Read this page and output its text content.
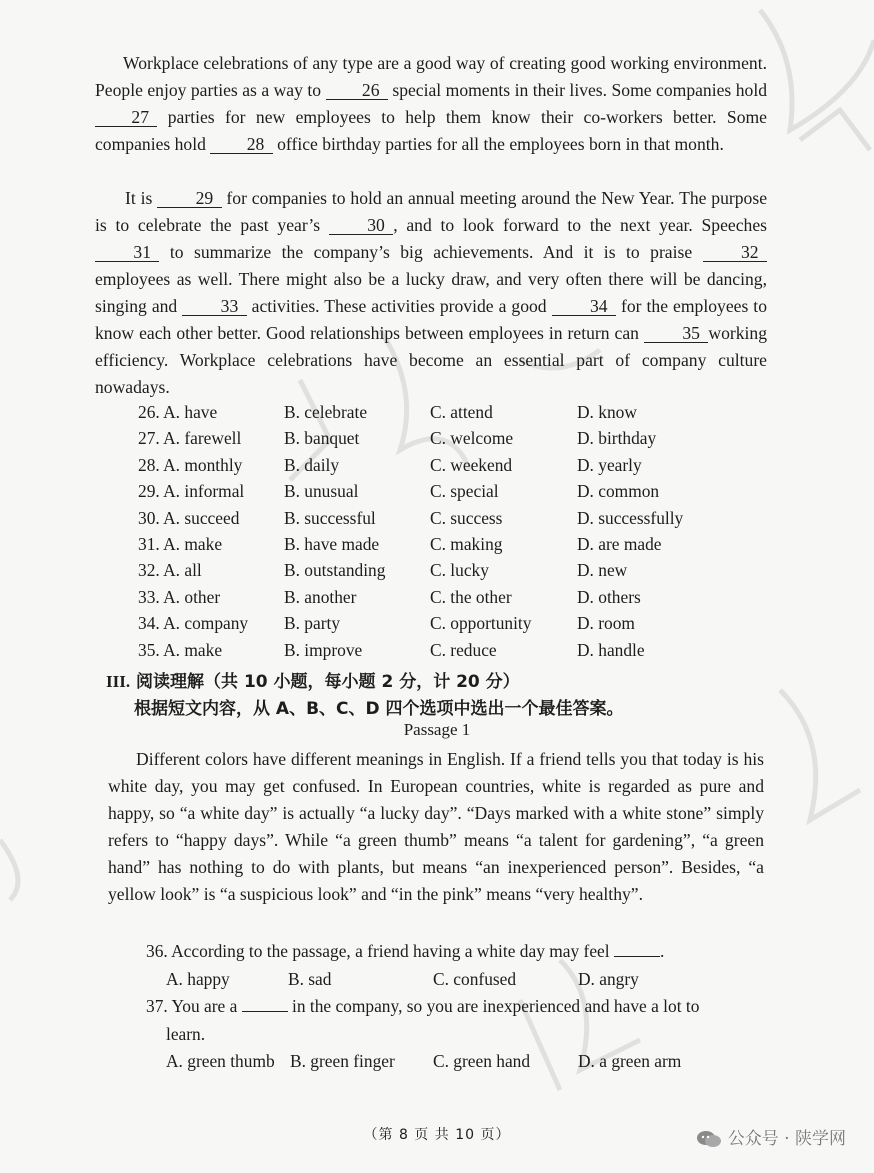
Workplace celebrations of any type are a good way of creating good working environment. People enjoy parties as a way to  26  special moments in their lives. Some companies hold  27  parties for new employees to help them know their co-workers better. Some companies hold  28  office birthday parties for all the employees born in that month.

It is  29  for companies to hold an annual meeting around the New Year. The purpose is to celebrate the past year’s  30 , and to look forward to the next year. Speeches  31  to summarize the company’s big achievements. And it is to praise  32  employees as well. There might also be a lucky draw, and very often there will be dancing, singing and  33  activities. These activities provide a good  34  for the employees to know each other better. Good relationships between employees in return can  35 working efficiency. Workplace celebrations have become an essential part of company culture nowadays.

26. A. have	B. celebrate	C. attend	D. know
27. A. farewell B. banquet	C. welcome	D. birthday
28. A. monthly B. daily	C. weekend	D. yearly
29. A. informal B. unusual	C. special	D. common
30. A. succeed	B. successful	C. success	D. successfully
31. A. make	B. have made	C. making	D. are made
32. A. all	B. outstanding	C. lucky	D. new
33. A. other	B. another	C. the other	D. others
34. A. company B. party	C. opportunity	D. room
35. A. make	B. improve	C. reduce	D. handle
III. 阅读理解（共 10 小题，每小题 2 分，计 20 分）
根据短文内容，从 A、B、C、D 四个选项中选出一个最佳答案。
Passage 1

Different colors have different meanings in English. If a friend tells you that today is his white day, you may get confused. In European countries, white is regarded as pure and happy, so “a white day” is actually “a lucky day”. “Days marked with a white stone” simply refers to “happy days”. While “a green thumb” means “a talent for gardening”, “a green hand” has nothing to do with plants, but means “an inexperienced person”. Besides, “a yellow look” is “a suspicious look” and “in the pink” means “very healthy”.

36. According to the passage, a friend having a white day may feel	.
A. happy	B. sad	C. confused	D. angry
37. You are a	in the company, so you are inexperienced and have a lot to
learn.
A. green thumb B. green finger C. green hand	D. a green arm
（第 8 页 共 10 页）	公众号 · 陕学网
